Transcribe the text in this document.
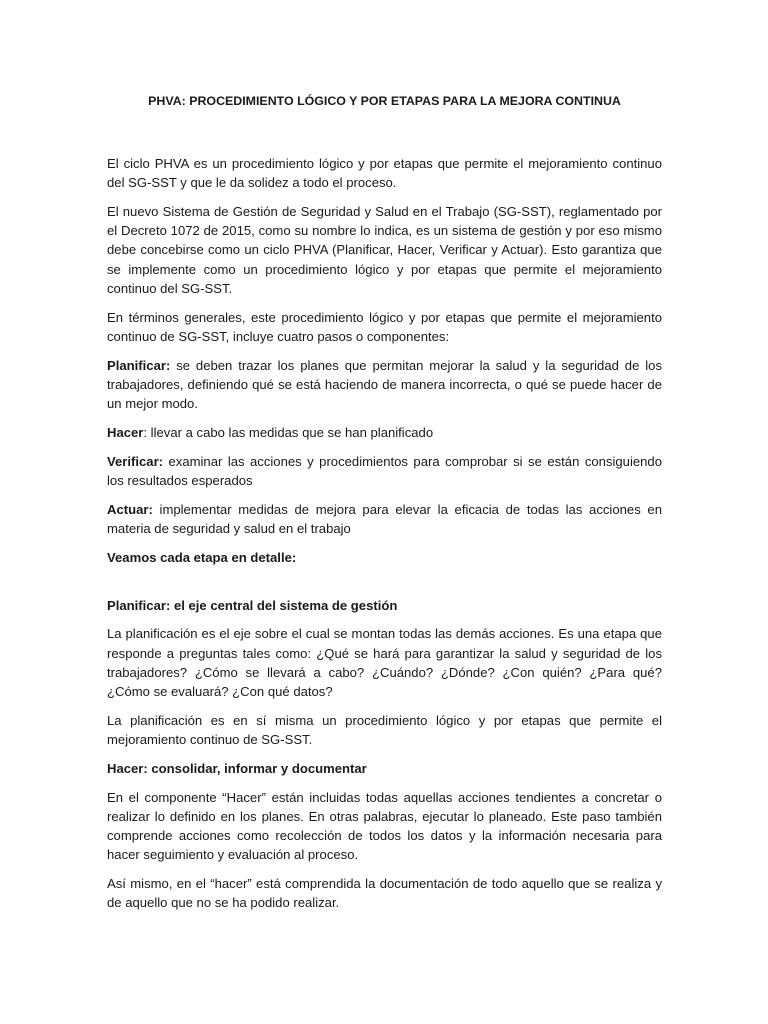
PHVA: PROCEDIMIENTO LÓGICO Y POR ETAPAS PARA LA MEJORA CONTINUA

El ciclo PHVA es un procedimiento lógico y por etapas que permite el mejoramiento continuo del SG-SST y que le da solidez a todo el proceso.

El nuevo Sistema de Gestión de Seguridad y Salud en el Trabajo (SG-SST), reglamentado por el Decreto 1072 de 2015, como su nombre lo indica, es un sistema de gestión y por eso mismo debe concebirse como un ciclo PHVA (Planificar, Hacer, Verificar y Actuar). Esto garantiza que se implemente como un procedimiento lógico y por etapas que permite el mejoramiento continuo del SG-SST.

En términos generales, este procedimiento lógico y por etapas que permite el mejoramiento continuo de SG-SST, incluye cuatro pasos o componentes:

Planificar: se deben trazar los planes que permitan mejorar la salud y la seguridad de los trabajadores, definiendo qué se está haciendo de manera incorrecta, o qué se puede hacer de un mejor modo.

Hacer: llevar a cabo las medidas que se han planificado

Verificar: examinar las acciones y procedimientos para comprobar si se están consiguiendo los resultados esperados

Actuar: implementar medidas de mejora para elevar la eficacia de todas las acciones en materia de seguridad y salud en el trabajo

Veamos cada etapa en detalle:
Planificar: el eje central del sistema de gestión

La planificación es el eje sobre el cual se montan todas las demás acciones. Es una etapa que responde a preguntas tales como: ¿Qué se hará para garantizar la salud y seguridad de los trabajadores? ¿Cómo se llevará a cabo? ¿Cuándo? ¿Dónde? ¿Con quién? ¿Para qué? ¿Cómo se evaluará? ¿Con qué datos?

La planificación es en sí misma un procedimiento lógico y por etapas que permite el mejoramiento continuo de SG-SST.

Hacer: consolidar, informar y documentar

En el componente “Hacer” están incluidas todas aquellas acciones tendientes a concretar o realizar lo definido en los planes. En otras palabras, ejecutar lo planeado. Este paso también comprende acciones como recolección de todos los datos y la información necesaria para hacer seguimiento y evaluación al proceso.

Así mismo, en el “hacer” está comprendida la documentación de todo aquello que se realiza y de aquello que no se ha podido realizar.
